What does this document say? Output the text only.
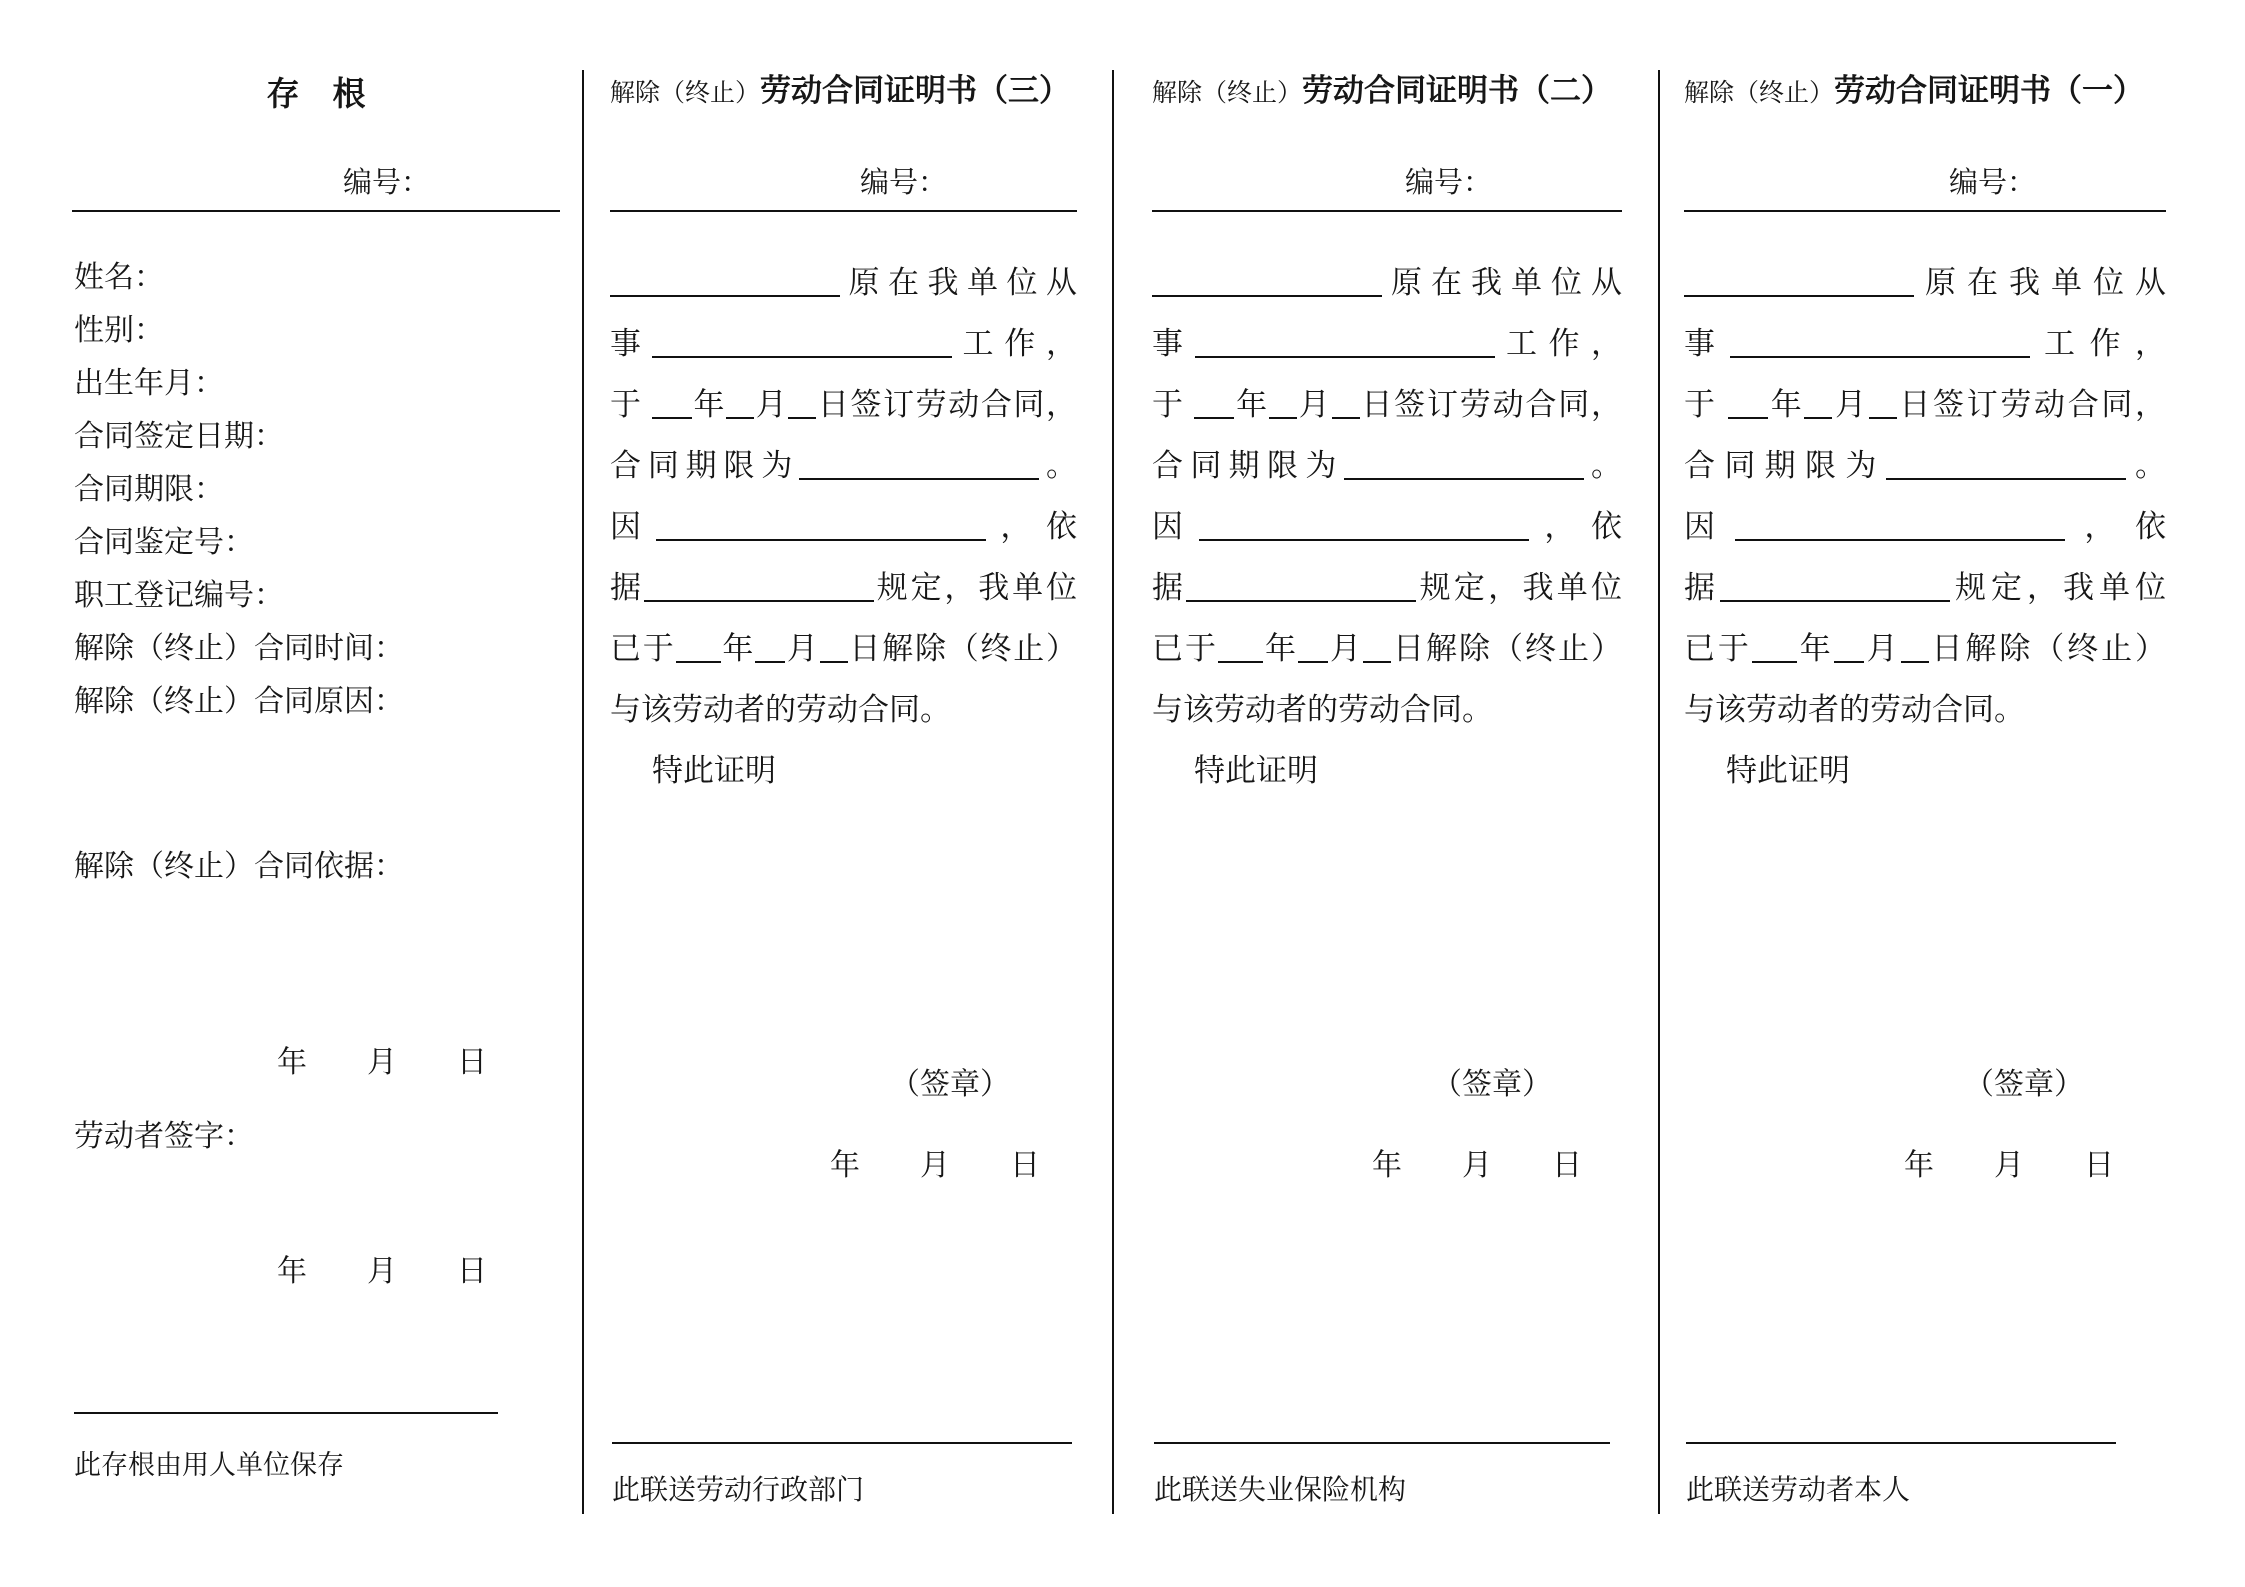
存　根
编号：
姓名：
性别：
出生年月：
合同签定日期：
合同期限：
合同鉴定号：
职工登记编号：
解除（终止）合同时间：
解除（终止）合同原因：
解除（终止）合同依据：
年　　月　　日
劳动者签字：
年　　月　　日
此存根由用人单位保存
解除（终止）劳动合同证明书（三）
编号：
原在我单位从
事	工作，
于 年 月 日签订劳动合同，
合同期限为	。
因	，依
据	规定，我单位
已于 年 月 日解除（终止）
与该劳动者的劳动合同。
特此证明
（签章）
年　　月　　日
此联送劳动行政部门
解除（终止）劳动合同证明书（二）
编号：
原在我单位从
事	工作，
于 年 月 日签订劳动合同，
合同期限为	。
因	，依
据	规定，我单位
已于 年 月 日解除（终止）
与该劳动者的劳动合同。
特此证明
（签章）
年　　月　　日
此联送失业保险机构
解除（终止）劳动合同证明书（一）
编号：
原在我单位从
事	工作，
于 年 月 日签订劳动合同，
合同期限为	。
因	，依
据	规定，我单位
已于 年 月 日解除（终止）
与该劳动者的劳动合同。
特此证明
（签章）
年　　月　　日
此联送劳动者本人
